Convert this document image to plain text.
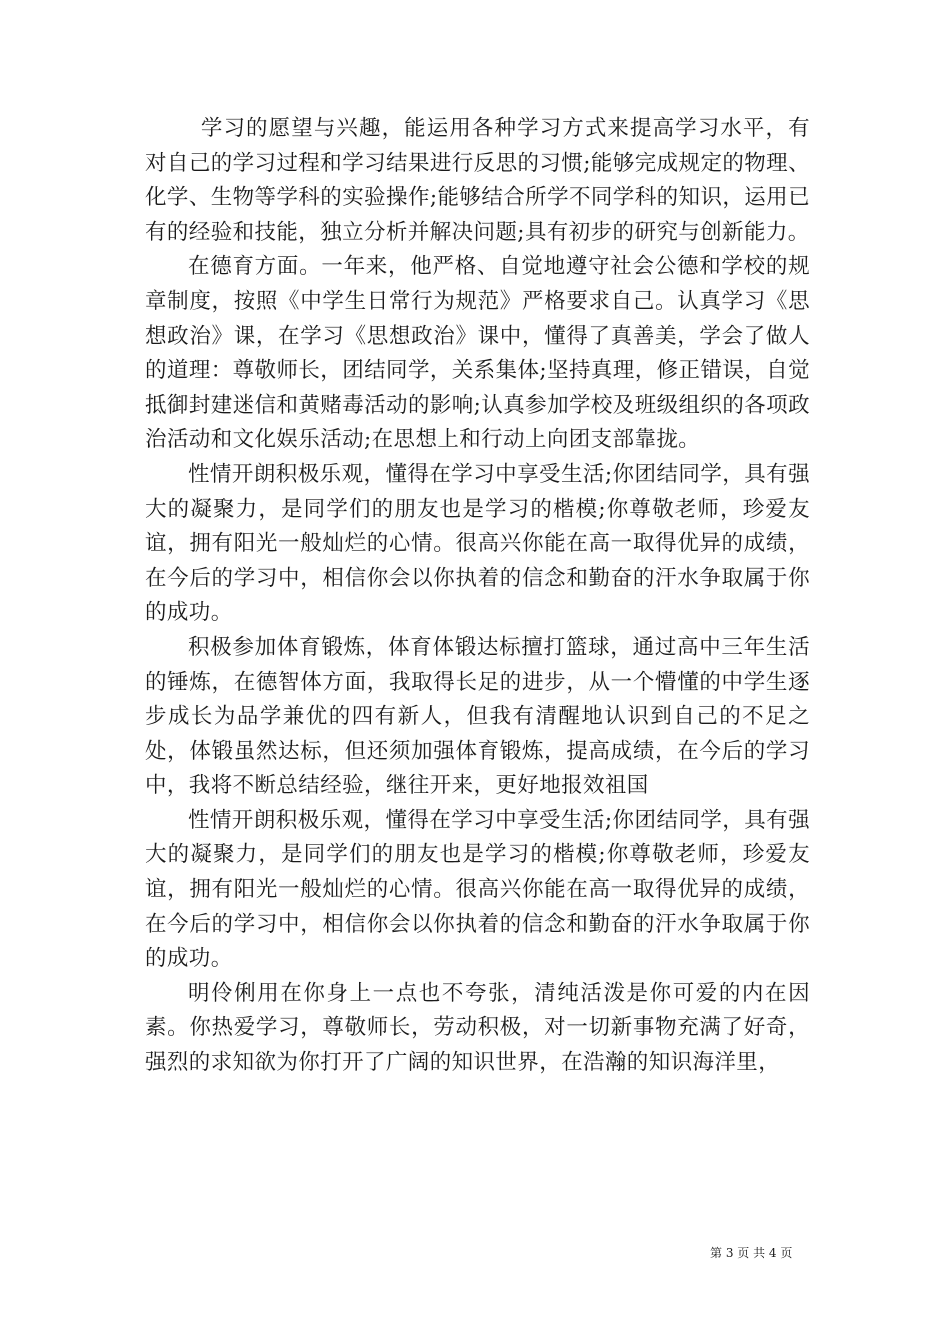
学习的愿望与兴趣，能运用各种学习方式来提高学习水平，有对自己的学习过程和学习结果进行反思的习惯;能够完成规定的物理、化学、生物等学科的实验操作;能够结合所学不同学科的知识，运用已有的经验和技能，独立分析并解决问题;具有初步的研究与创新能力。

在德育方面。一年来，他严格、自觉地遵守社会公德和学校的规章制度，按照《中学生日常行为规范》严格要求自己。认真学习《思想政治》课，在学习《思想政治》课中，懂得了真善美，学会了做人的道理：尊敬师长，团结同学，关系集体;坚持真理，修正错误，自觉抵御封建迷信和黄赌毒活动的影响;认真参加学校及班级组织的各项政治活动和文化娱乐活动;在思想上和行动上向团支部靠拢。

性情开朗积极乐观，懂得在学习中享受生活;你团结同学，具有强大的凝聚力，是同学们的朋友也是学习的楷模;你尊敬老师，珍爱友谊，拥有阳光一般灿烂的心情。很高兴你能在高一取得优异的成绩，在今后的学习中，相信你会以你执着的信念和勤奋的汗水争取属于你的成功。

积极参加体育锻炼，体育体锻达标擅打篮球，通过高中三年生活的锤炼，在德智体方面，我取得长足的进步，从一个懵懂的中学生逐步成长为品学兼优的四有新人，但我有清醒地认识到自己的不足之处，体锻虽然达标，但还须加强体育锻炼，提高成绩，在今后的学习中，我将不断总结经验，继往开来，更好地报效祖国

性情开朗积极乐观，懂得在学习中享受生活;你团结同学，具有强大的凝聚力，是同学们的朋友也是学习的楷模;你尊敬老师，珍爱友谊，拥有阳光一般灿烂的心情。很高兴你能在高一取得优异的成绩，在今后的学习中，相信你会以你执着的信念和勤奋的汗水争取属于你的成功。

明伶俐用在你身上一点也不夸张，清纯活泼是你可爱的内在因素。你热爱学习，尊敬师长，劳动积极，对一切新事物充满了好奇，强烈的求知欲为你打开了广阔的知识世界，在浩瀚的知识海洋里，

第 3 页 共 4 页
